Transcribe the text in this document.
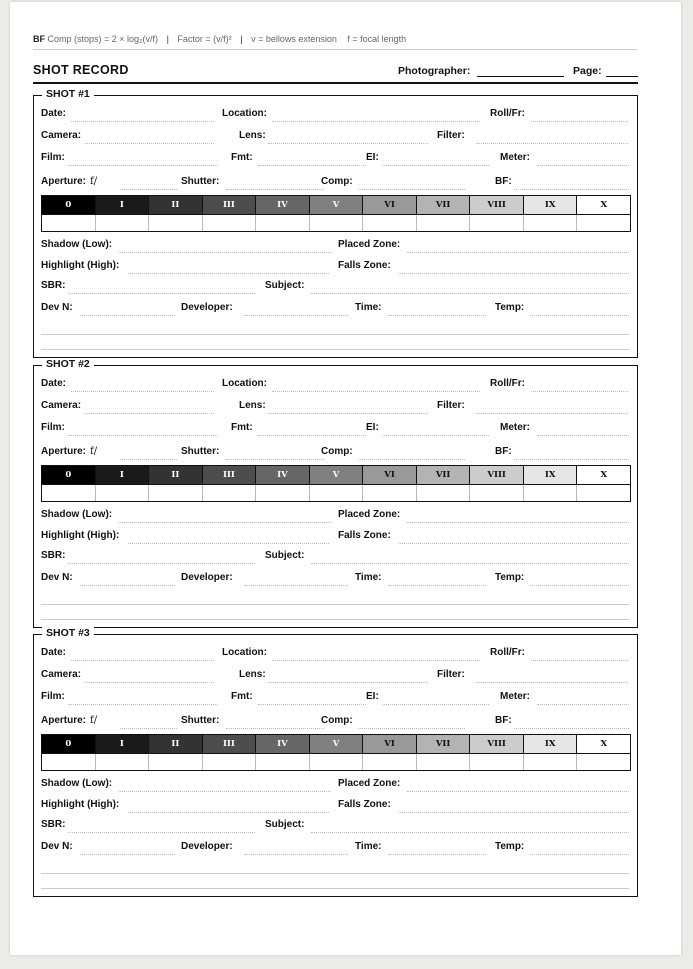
BF Comp (stops) = 2 × log₂(v/f) | Factor = (v/f)² | v = bellows extension f = focal length
SHOT RECORD	Photographer:	Page:
SHOT #1
Date:	Location:	Roll/Fr:
Camera:	Lens:	Filter:
Film:	Fmt:	EI:	Meter:
Aperture: f/	Shutter:	Comp:	BF:
Shadow (Low):	Placed Zone:
Highlight (High):	Falls Zone:
SBR:	Subject:
Dev N:	Developer:	Time:	Temp:
0	I	II	III	IV	V	VI	VII	VIII	IX	X
SHOT #2
Date:	Location:	Roll/Fr:
Camera:	Lens:	Filter:
Film:	Fmt:	EI:	Meter:
Aperture: f/	Shutter:	Comp:	BF:
Shadow (Low):	Placed Zone:
Highlight (High):	Falls Zone:
SBR:	Subject:
Dev N:	Developer:	Time:	Temp:
0	I	II	III	IV	V	VI	VII	VIII	IX	X
SHOT #3
Date:	Location:	Roll/Fr:
Camera:	Lens:	Filter:
Film:	Fmt:	EI:	Meter:
Aperture: f/	Shutter:	Comp:	BF:
Shadow (Low):	Placed Zone:
Highlight (High):	Falls Zone:
SBR:	Subject:
Dev N:	Developer:	Time:	Temp:
0	I	II	III	IV	V	VI	VII	VIII	IX	X
